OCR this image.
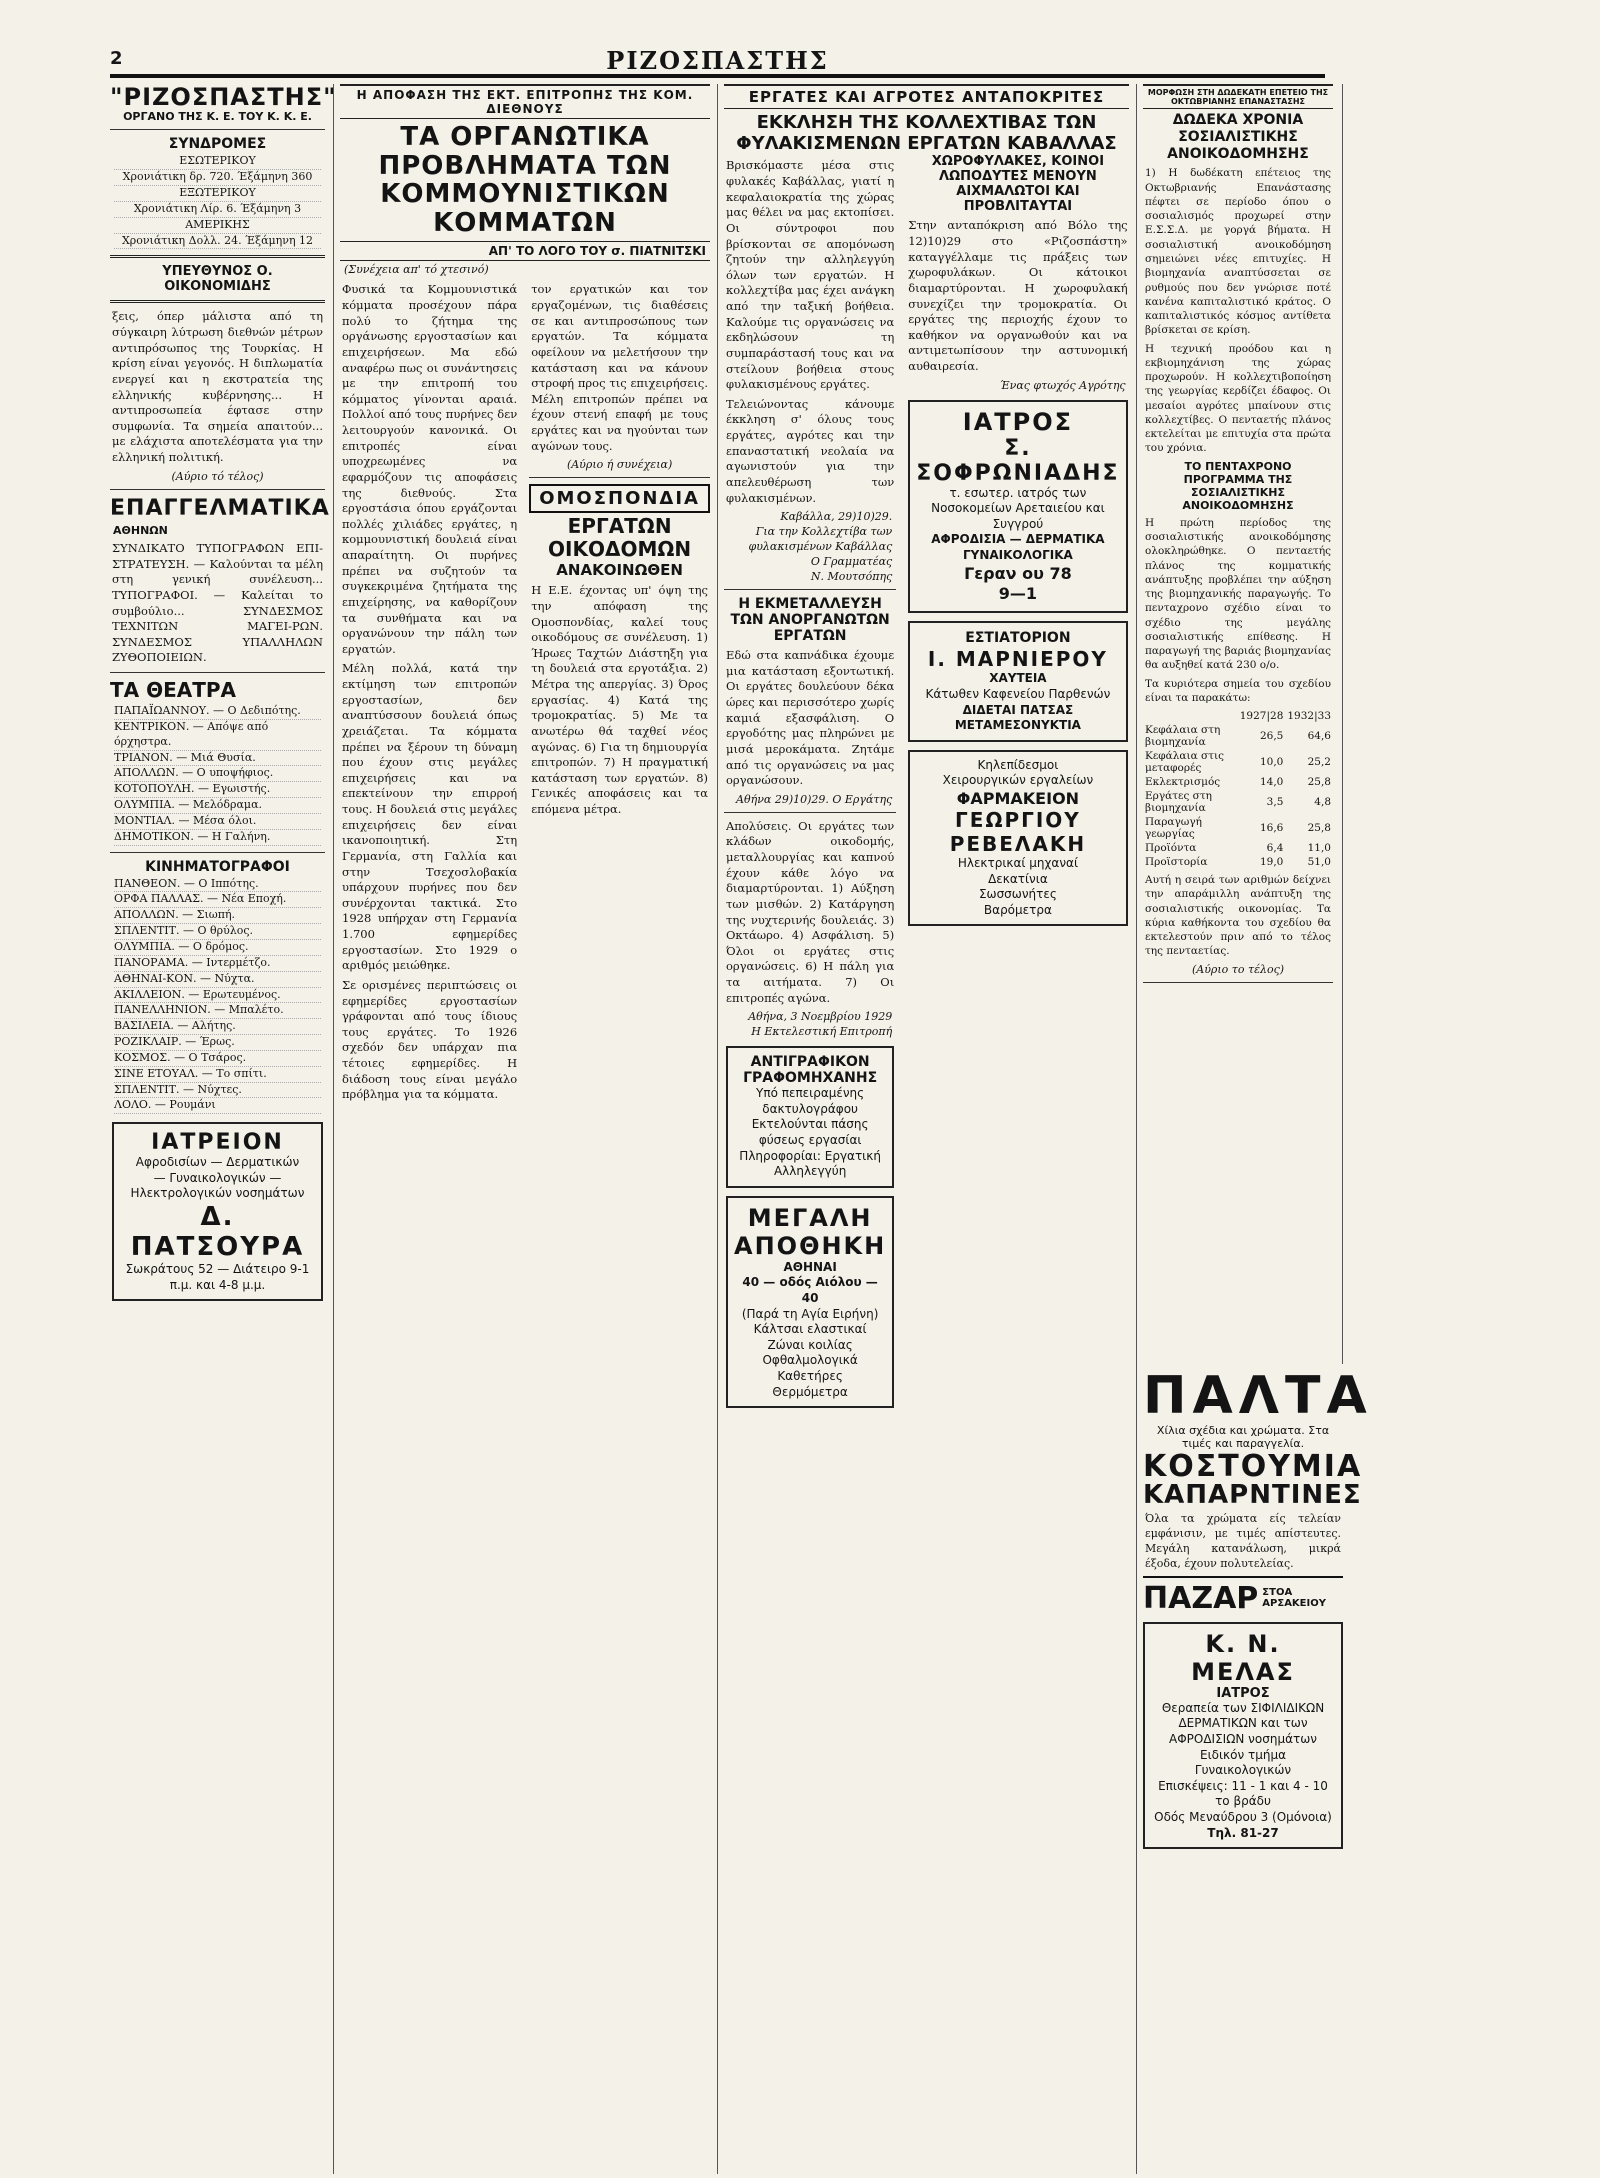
2	ΡΙΖΟΣΠΑΣΤΗΣ
"ΡΙΖΟΣΠΑΣΤΗΣ"
ΟΡΓΑΝΟ ΤΗΣ Κ. Ε. ΤΟΥ Κ. Κ. Ε.
ΣΥΝΔΡΟΜΕΣ
ΕΣΩΤΕΡΙΚΟΥ
Χρονιάτικη δρ. 720. Έξάμηνη 360
ΕΞΩΤΕΡΙΚΟΥ
Χρονιάτικη Λίρ. 6. Έξάμηνη 3
ΑΜΕΡΙΚΗΣ
Χρονιάτικη Δολλ. 24. Έξάμηνη 12
ΥΠΕΥΘΥΝΟΣ Ο. ΟΙΚΟΝΟΜΙΔΗΣ
ξεις, όπερ μάλιστα από τη σύγκαιρη λύτρωση διεθνών μέτρων αντιπρόσωπος της Τουρκίας. Η κρίση είναι γεγονός. Η διπλωματία ενεργεί και η εκστρατεία της ελληνικής κυβέρνησης... Η αντιπροσωπεία έφτασε στην συμφωνία. Τα σημεία απαιτούν... με ελάχιστα αποτελέσματα για την ελληνική πολιτική.
(Αύριο τό τέλος)
ΕΠΑΓΓΕΛΜΑΤΙΚΑ
ΑΘΗΝΩΝ
ΣΥΝΔΙΚΑΤΟ ΤΥΠΟΓΡΑΦΩΝ ΕΠΙ-ΣΤΡΑΤΕΥΣΗ. — Καλούνται τα μέλη στη γενική συνέλευση... ΤΥΠΟΓΡΑΦΟΙ. — Καλείται το συμβούλιο... ΣΥΝΔΕΣΜΟΣ ΤΕΧΝΙΤΩΝ ΜΑΓΕΙ-ΡΩΝ. ΣΥΝΔΕΣΜΟΣ ΥΠΑΛΛΗΛΩΝ ΖΥΘΟΠΟΙΕΙΩΝ.
ΤΑ ΘΕΑΤΡΑ
ΠΑΠΑΪΩΑΝΝΟΥ. — Ο Δεδιπότης.
ΚΕΝΤΡΙΚΟΝ. — Απόψε από όρχηστρα.
ΤΡΙΑΝΟΝ. — Μιά Θυσία.
ΑΠΟΛΛΩΝ. — Ο υποψήφιος.
ΚΟΤΟΠΟΥΛΗ. — Εγωιστής.
ΟΛΥΜΠΙΑ. — Μελόδραμα.
ΜΟΝΤΙΑΛ. — Μέσα όλοι.
ΔΗΜΟΤΙΚΟΝ. — Η Γαλήνη.
ΚΙΝΗΜΑΤΟΓΡΑΦΟΙ
ΠΑΝΘΕΟΝ. — Ο Ιππότης.
ΟΡΦΑ ΠΑΛΛΑΣ. — Νέα Εποχή.
ΑΠΟΛΛΩΝ. — Σιωπή.
ΣΠΛΕΝΤΙΤ. — Ο θρύλος.
ΟΛΥΜΠΙΑ. — Ο δρόμος.
ΠΑΝΟΡΑΜΑ. — Ιντερμέτζο.
ΑΘΗΝΑΙ-ΚΟΝ. — Νύχτα.
ΑΚΙΛΛΕΙΟΝ. — Ερωτευμένος.
ΠΑΝΕΛΛΗΝΙΟΝ. — Μπαλέτο.
ΒΑΣΙΛΕΙΑ. — Αλήτης.
ΡΟΖΙΚΛΑΙΡ. — Έρως.
ΚΟΣΜΟΣ. — Ο Τσάρος.
ΣΙΝΕ ΕΤΟΥΑΛ. — Το σπίτι.
ΣΠΛΕΝΤΙΤ. — Νύχτες.
ΛΟΛΟ. — Ρουμάνι
ΙΑΤΡΕΙΟΝ
Αφροδισίων — Δερματικών
— Γυναικολογικών — Ηλεκτρολογικών νοσημάτων
Δ. ΠΑΤΣΟΥΡΑ
Σωκράτους 52 — Διάτειρο 9-1 π.μ. και 4-8 μ.μ.
Η ΑΠΟΦΑΣΗ ΤΗΣ ΕΚΤ. ΕΠΙΤΡΟΠΗΣ ΤΗΣ ΚΟΜ. ΔΙΕΘΝΟΥΣ
ΤΑ ΟΡΓΑΝΩΤΙΚΑ ΠΡΟΒΛΗΜΑΤΑ ΤΩΝ ΚΟΜΜΟΥΝΙΣΤΙΚΩΝ ΚΟΜΜΑΤΩΝ
ΑΠ' ΤΟ ΛΟΓΟ ΤΟΥ σ. ΠΙΑΤΝΙΤΣΚΙ
(Συνέχεια απ' τό χτεσινό)
Φυσικά τα Κομμουνιστικά κόμματα προσέχουν πάρα πολύ το ζήτημα της οργάνωσης εργοστασίων και επιχειρήσεων. Μα εδώ αναφέρω πως οι συνάντησεις με την επιτροπή του κόμματος γίνονται αραιά. Πολλοί από τους πυρήνες δεν λειτουργούν κανονικά. Οι επιτροπές είναι υποχρεωμένες να εφαρμόζουν τις αποφάσεις της διεθνούς. Στα εργοστάσια όπου εργάζονται πολλές χιλιάδες εργάτες, η κομμουνιστική δουλειά είναι απαραίτητη. Οι πυρήνες πρέπει να συζητούν τα συγκεκριμένα ζητήματα της επιχείρησης, να καθορίζουν τα συνθήματα και να οργανώνουν την πάλη των εργατών.
Μέλη πολλά, κατά την εκτίμηση των επιτροπών εργοστασίων, δεν αναπτύσσουν δουλειά όπως χρειάζεται. Τα κόμματα πρέπει να ξέρουν τη δύναμη που έχουν στις μεγάλες επιχειρήσεις και να επεκτείνουν την επιρροή τους. Η δουλειά στις μεγάλες επιχειρήσεις δεν είναι ικανοποιητική. Στη Γερμανία, στη Γαλλία και στην Τσεχοσλοβακία υπάρχουν πυρήνες που δεν συνέρχονται τακτικά. Στο 1928 υπήρχαν στη Γερμανία 1.700 εφημερίδες εργοστασίων. Στο 1929 ο αριθμός μειώθηκε.
Σε ορισμένες περιπτώσεις οι εφημερίδες εργοστασίων γράφονται από τους ίδιους τους εργάτες. Το 1926 σχεδόν δεν υπάρχαν πια τέτοιες εφημερίδες. Η διάδοση τους είναι μεγάλο πρόβλημα για τα κόμματα.
τον εργατικών και τον εργαζομένων, τις διαθέσεις σε και αντιπροσώπους των εργατών. Τα κόμματα οφείλουν να μελετήσουν την κατάσταση και να κάνουν στροφή προς τις επιχειρήσεις. Μέλη επιτροπών πρέπει να έχουν στενή επαφή με τους εργάτες και να ηγούνται των αγώνων τους.
(Αύριο ή συνέχεια)
ΟΜΟΣΠΟΝΔΙΑ
ΕΡΓΑΤΩΝ ΟΙΚΟΔΟΜΩΝ
ΑΝΑΚΟΙΝΩΘΕΝ
Η Ε.Ε. έχοντας υπ' όψη της την απόφαση της Ομοσπονδίας, καλεί τους οικοδόμους σε συνέλευση. 1) Ήρωες Ταχτών Διάστηξη για τη δουλειά στα εργοτάξια. 2) Μέτρα της απεργίας. 3) Όρος εργασίας. 4) Κατά της τρομοκρατίας. 5) Με τα ανωτέρω θά ταχθεί νέος αγώνας. 6) Για τη δημιουργία επιτροπών. 7) Η πραγματική κατάσταση των εργατών. 8) Γενικές αποφάσεις και τα επόμενα μέτρα.
ΕΡΓΑΤΕΣ ΚΑΙ ΑΓΡΟΤΕΣ ΑΝΤΑΠΟΚΡΙΤΕΣ
ΕΚΚΛΗΣΗ ΤΗΣ ΚΟΛΛΕΧΤΙΒΑΣ ΤΩΝ ΦΥΛΑΚΙΣΜΕΝΩΝ ΕΡΓΑΤΩΝ ΚΑΒΑΛΛΑΣ
Βρισκόμαστε μέσα στις φυλακές Καβάλλας, γιατί η κεφαλαιοκρατία της χώρας μας θέλει να μας εκτοπίσει. Οι σύντροφοι που βρίσκονται σε απομόνωση ζητούν την αλληλεγγύη όλων των εργατών. Η κολλεχτίβα μας έχει ανάγκη από την ταξική βοήθεια. Καλούμε τις οργανώσεις να εκδηλώσουν τη συμπαράστασή τους και να στείλουν βοήθεια στους φυλακισμένους εργάτες.
Τελειώνοντας κάνουμε έκκληση σ' όλους τους εργάτες, αγρότες και την επαναστατική νεολαία να αγωνιστούν για την απελευθέρωση των φυλακισμένων.
Καβάλλα, 29)10)29.
Για την Κολλεχτίβα των
φυλακισμένων Καβάλλας
Ο Γραμματέας
Ν. Μουτσόπης
Η ΕΚΜΕΤΑΛΛΕΥΣΗ ΤΩΝ ΑΝΟΡΓΑΝΩΤΩΝ ΕΡΓΑΤΩΝ
Εδώ στα καπνάδικα έχουμε μια κατάσταση εξοντωτική. Οι εργάτες δουλεύουν δέκα ώρες και περισσότερο χωρίς καμιά εξασφάλιση. Ο εργοδότης μας πληρώνει με μισά μεροκάματα. Ζητάμε από τις οργανώσεις να μας οργανώσουν.
Αθήνα 29)10)29. Ο Εργάτης
Απολύσεις. Οι εργάτες των κλάδων οικοδομής, μεταλλουργίας και καπνού έχουν κάθε λόγο να διαμαρτύρονται. 1) Αύξηση των μισθών. 2) Κατάργηση της νυχτερινής δουλειάς. 3) Οκτάωρο. 4) Ασφάλιση. 5) Όλοι οι εργάτες στις οργανώσεις. 6) Η πάλη για τα αιτήματα. 7) Οι επιτροπές αγώνα.
Αθήνα, 3 Νοεμβρίου 1929
Η Εκτελεστική Επιτροπή
ΑΝΤΙΓΡΑΦΙΚΟΝ ΓΡΑΦΟΜΗΧΑΝΗΣ
Υπό πεπειραμένης δακτυλογράφου
Εκτελούνται πάσης φύσεως εργασίαι
Πληροφορίαι: Εργατική Αλληλεγγύη
ΜΕΓΑΛΗ ΑΠΟΘΗΚΗ
ΑΘΗΝΑΙ
40 — οδός Αιόλου — 40
(Παρά τη Αγία Ειρήνη)
Κάλτσαι ελαστικαί
Ζώναι κοιλίας
Οφθαλμολογικά
Καθετήρες
Θερμόμετρα
ΧΩΡΟΦΥΛΑΚΕΣ, ΚΟΙΝΟΙ ΛΩΠΟΔΥΤΕΣ ΜΕΝΟΥΝ ΑΙΧΜΑΛΩΤΟΙ ΚΑΙ ΠΡΟΒΛΙΤΑΥΤΑΙ
Στην ανταπόκριση από Βόλο της 12)10)29 στο «Ριζοσπάστη» καταγγέλλαμε τις πράξεις των χωροφυλάκων. Οι κάτοικοι διαμαρτύρονται. Η χωροφυλακή συνεχίζει την τρομοκρατία. Οι εργάτες της περιοχής έχουν το καθήκον να οργανωθούν και να αντιμετωπίσουν την αστυνομική αυθαιρεσία.
Ένας φτωχός Αγρότης
ΙΑΤΡΟΣ
Σ. ΣΟΦΡΩΝΙΑΔΗΣ
τ. εσωτερ. ιατρός των Νοσοκομείων Αρεταιείου και Συγγρού
ΑΦΡΟΔΙΣΙΑ — ΔΕΡΜΑΤΙΚΑ
ΓΥΝΑΙΚΟΛΟΓΙΚΑ
Γεραν ου 78
9—1
ΕΣΤΙΑΤΟΡΙΟΝ
Ι. ΜΑΡΝΙΕΡΟΥ
ΧΑΥΤΕΙΑ
Κάτωθεν Καφενείου Παρθενών
ΔΙΔΕΤΑΙ ΠΑΤΣΑΣ ΜΕΤΑΜΕΣΟΝΥΚΤΙΑ
Κηλεπίδεσμοι
Χειρουργικών εργαλείων
ΦΑΡΜΑΚΕΙΟΝ
ΓΕΩΡΓΙΟΥ ΡΕΒΕΛΑΚΗ
Ηλεκτρικαί μηχαναί
Δεκατίνια
Σωσσωνήτες
Βαρόμετρα
ΜΟΡΦΩΣΗ ΣΤΗ ΔΩΔΕΚΑΤΗ ΕΠΕΤΕΙΟ ΤΗΣ ΟΚΤΩΒΡΙΑΝΗΣ ΕΠΑΝΑΣΤΑΣΗΣ
ΔΩΔΕΚΑ ΧΡΟΝΙΑ ΣΟΣΙΑΛΙΣΤΙΚΗΣ ΑΝΟΙΚΟΔΟΜΗΣΗΣ
1) Η δωδέκατη επέτειος της Οκτωβριανής Επανάστασης πέφτει σε περίοδο όπου ο σοσιαλισμός προχωρεί στην Ε.Σ.Σ.Δ. με γοργά βήματα. Η σοσιαλιστική ανοικοδόμηση σημειώνει νέες επιτυχίες. Η βιομηχανία αναπτύσσεται σε ρυθμούς που δεν γνώρισε ποτέ κανένα καπιταλιστικό κράτος. Ο καπιταλιστικός κόσμος αντίθετα βρίσκεται σε κρίση.
Η τεχνική προόδου και η εκβιομηχάνιση της χώρας προχωρούν. Η κολλεχτιβοποίηση της γεωργίας κερδίζει έδαφος. Οι μεσαίοι αγρότες μπαίνουν στις κολλεχτίβες. Ο πενταετής πλάνος εκτελείται με επιτυχία στα πρώτα του χρόνια.
ΤΟ ΠΕΝΤΑΧΡΟΝΟ ΠΡΟΓΡΑΜΜΑ ΤΗΣ ΣΟΣΙΑΛΙΣΤΙΚΗΣ ΑΝΟΙΚΟΔΟΜΗΣΗΣ
Η πρώτη περίοδος της σοσιαλιστικής ανοικοδόμησης ολοκληρώθηκε. Ο πενταετής πλάνος της κομματικής ανάπτυξης προβλέπει την αύξηση της βιομηχανικής παραγωγής. Το πενταχρονο σχέδιο είναι το σχέδιο της μεγάλης σοσιαλιστικής επίθεσης. Η παραγωγή της βαριάς βιομηχανίας θα αυξηθεί κατά 230 ο/ο.
Τα κυριότερα σημεία του σχεδίου είναι τα παρακάτω:
	1927|28	1932|33
Κεφάλαια στη βιομηχανία	26,5	64,6
Κεφάλαια στις μεταφορές	10,0	25,2
Εκλεκτρισμός	14,0	25,8
Εργάτες στη βιομηχανία	3,5	4,8
Παραγωγή γεωργίας	16,6	25,8
Προϊόντα	6,4	11,0
Προϊστορία	19,0	51,0
Αυτή η σειρά των αριθμών δείχνει την απαράμιλλη ανάπτυξη της σοσιαλιστικής οικονομίας. Τα κύρια καθήκοντα του σχεδίου θα εκτελεστούν πριν από το τέλος της πενταετίας.
(Αύριο το τέλος)
ΠΑΛΤΑ
Χίλια σχέδια και χρώματα. Στα τιμές και παραγγελία.
ΚΟΣΤΟΥΜΙΑ
ΚΑΠΑΡΝΤΙΝΕΣ
Όλα τα χρώματα είς τελείαν εμφάνισιν, με τιμές απίστευτες. Μεγάλη κατανάλωση, μικρά έξοδα, έχουν πολυτελείας.
ΠΑΖΑΡ ΣΤΟΑ ΑΡΣΑΚΕΙΟΥ
Κ. Ν. ΜΕΛΑΣ
ΙΑΤΡΟΣ
Θεραπεία των ΣΙΦΙΛΙΔΙΚΩΝ ΔΕΡΜΑΤΙΚΩΝ και των ΑΦΡΟΔΙΣΙΩΝ νοσημάτων
Ειδικόν τμήμα Γυναικολογικών
Επισκέψεις: 11 - 1 και 4 - 10 το βράδυ
Οδός Μεναύδρου 3 (Ομόνοια)
Τηλ. 81-27
